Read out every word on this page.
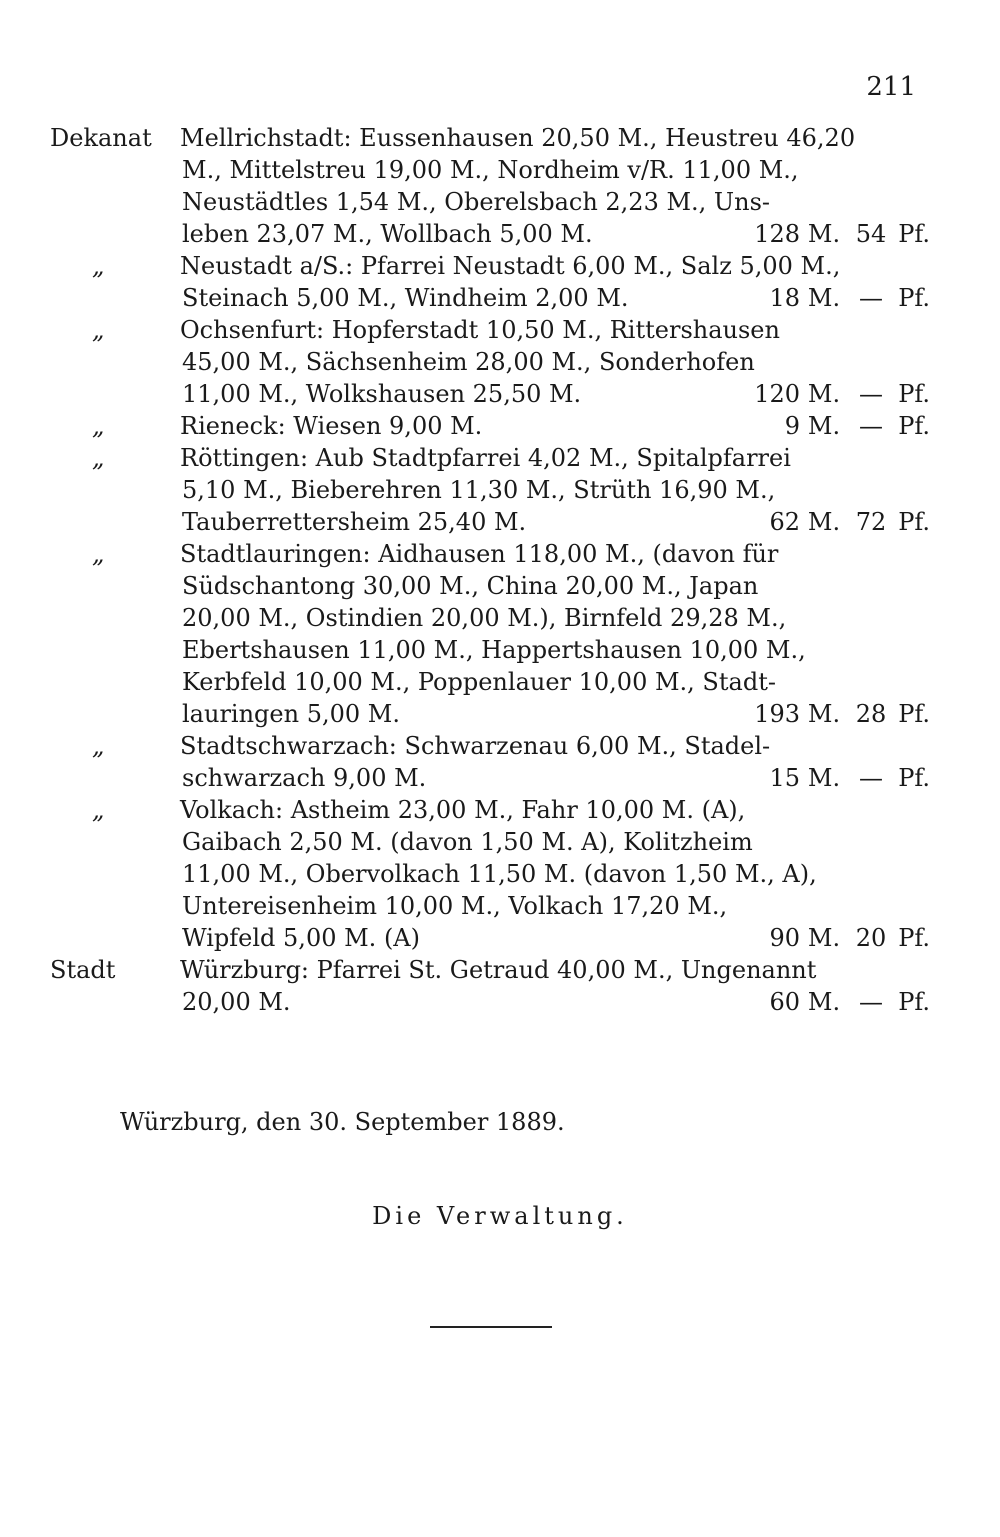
211
Dekanat Mellrichstadt: Eussenhausen 20,50 M., Heustreu 46,20
M., Mittelstreu 19,00 M., Nordheim v/R. 11,00 M.,
Neustädtles 1,54 M., Oberelsbach 2,23 M., Uns-
leben 23,07 M., Wollbach 5,00 M.	128 M. 54 Pf.
„	Neustadt a/S.: Pfarrei Neustadt 6,00 M., Salz 5,00 M.,
Steinach 5,00 M., Windheim 2,00 M.	18 M. — Pf.
„	Ochsenfurt: Hopferstadt 10,50 M., Rittershausen
45,00 M., Sächsenheim 28,00 M., Sonderhofen
11,00 M., Wolkshausen 25,50 M.	120 M. — Pf.
„	Rieneck: Wiesen 9,00 M.	9 M. — Pf.
„	Röttingen: Aub Stadtpfarrei 4,02 M., Spitalpfarrei
5,10 M., Bieberehren 11,30 M., Strüth 16,90 M.,
Tauberrettersheim 25,40 M.	62 M. 72 Pf.
„	Stadtlauringen: Aidhausen 118,00 M., (davon für
Südschantong 30,00 M., China 20,00 M., Japan
20,00 M., Ostindien 20,00 M.), Birnfeld 29,28 M.,
Ebertshausen 11,00 M., Happertshausen 10,00 M.,
Kerbfeld 10,00 M., Poppenlauer 10,00 M., Stadt-
lauringen 5,00 M.	193 M. 28 Pf.
„	Stadtschwarzach: Schwarzenau 6,00 M., Stadel-
schwarzach 9,00 M.	15 M. — Pf.
„	Volkach: Astheim 23,00 M., Fahr 10,00 M. (A),
Gaibach 2,50 M. (davon 1,50 M. A), Kolitzheim
11,00 M., Obervolkach 11,50 M. (davon 1,50 M., A),
Untereisenheim 10,00 M., Volkach 17,20 M.,
Wipfeld 5,00 M. (A)	90 M. 20 Pf.
Stadt	Würzburg: Pfarrei St. Getraud 40,00 M., Ungenannt
20,00 M.	60 M. — Pf.
Würzburg, den 30. September 1889.
Die Verwaltung.
